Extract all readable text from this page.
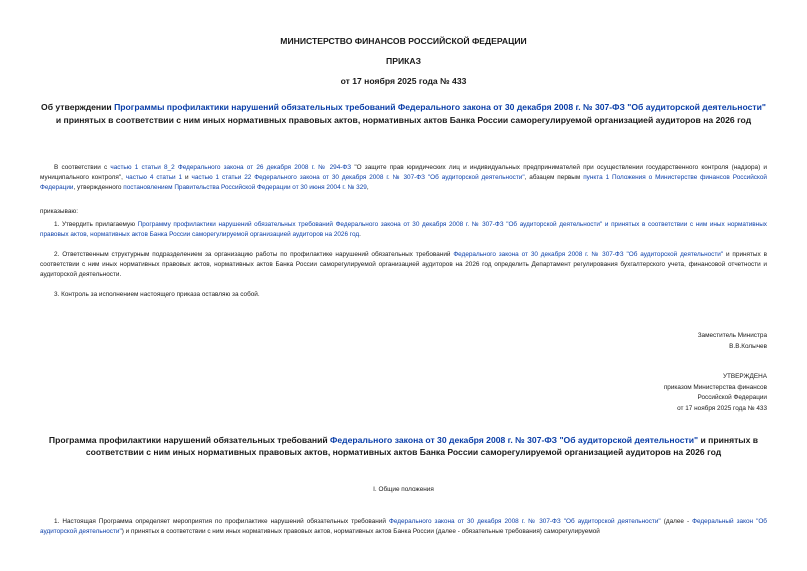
МИНИСТЕРСТВО ФИНАНСОВ РОССИЙСКОЙ ФЕДЕРАЦИИ
ПРИКАЗ
от 17 ноября 2025 года № 433
Об утверждении Программы профилактики нарушений обязательных требований Федерального закона от 30 декабря 2008 г. № 307-ФЗ "Об аудиторской деятельности" и принятых в соответствии с ним иных нормативных правовых актов, нормативных актов Банка России саморегулируемой организацией аудиторов на 2026 год
В соответствии с частью 1 статьи 8_2 Федерального закона от 26 декабря 2008 г. № 294-ФЗ "О защите прав юридических лиц и индивидуальных предпринимателей при осуществлении государственного контроля (надзора) и муниципального контроля", частью 4 статьи 1 и частью 1 статьи 22 Федерального закона от 30 декабря 2008 г. № 307-ФЗ "Об аудиторской деятельности", абзацем первым пункта 1 Положения о Министерстве финансов Российской Федерации, утвержденного постановлением Правительства Российской Федерации от 30 июня 2004 г. № 329,
приказываю:
1. Утвердить прилагаемую Программу профилактики нарушений обязательных требований Федерального закона от 30 декабря 2008 г. № 307-ФЗ "Об аудиторской деятельности" и принятых в соответствии с ним иных нормативных правовых актов, нормативных актов Банка России саморегулируемой организацией аудиторов на 2026 год.
2. Ответственным структурным подразделением за организацию работы по профилактике нарушений обязательных требований Федерального закона от 30 декабря 2008 г. № 307-ФЗ "Об аудиторской деятельности" и принятых в соответствии с ним иных нормативных правовых актов, нормативных актов Банка России саморегулируемой организацией аудиторов на 2026 год определить Департамент регулирования бухгалтерского учета, финансовой отчетности и аудиторской деятельности.
3. Контроль за исполнением настоящего приказа оставляю за собой.
Заместитель Министра
В.В.Колычев
УТВЕРЖДЕНА
приказом Министерства финансов
Российской Федерации
от 17 ноября 2025 года № 433
Программа профилактики нарушений обязательных требований Федерального закона от 30 декабря 2008 г. № 307-ФЗ "Об аудиторской деятельности" и принятых в соответствии с ним иных нормативных правовых актов, нормативных актов Банка России саморегулируемой организацией аудиторов на 2026 год
I. Общие положения
1. Настоящая Программа определяет мероприятия по профилактике нарушений обязательных требований Федерального закона от 30 декабря 2008 г. № 307-ФЗ "Об аудиторской деятельности" (далее - Федеральный закон "Об аудиторской деятельности") и принятых в соответствии с ним иных нормативных правовых актов, нормативных актов Банка России (далее - обязательные требования) саморегулируемой
